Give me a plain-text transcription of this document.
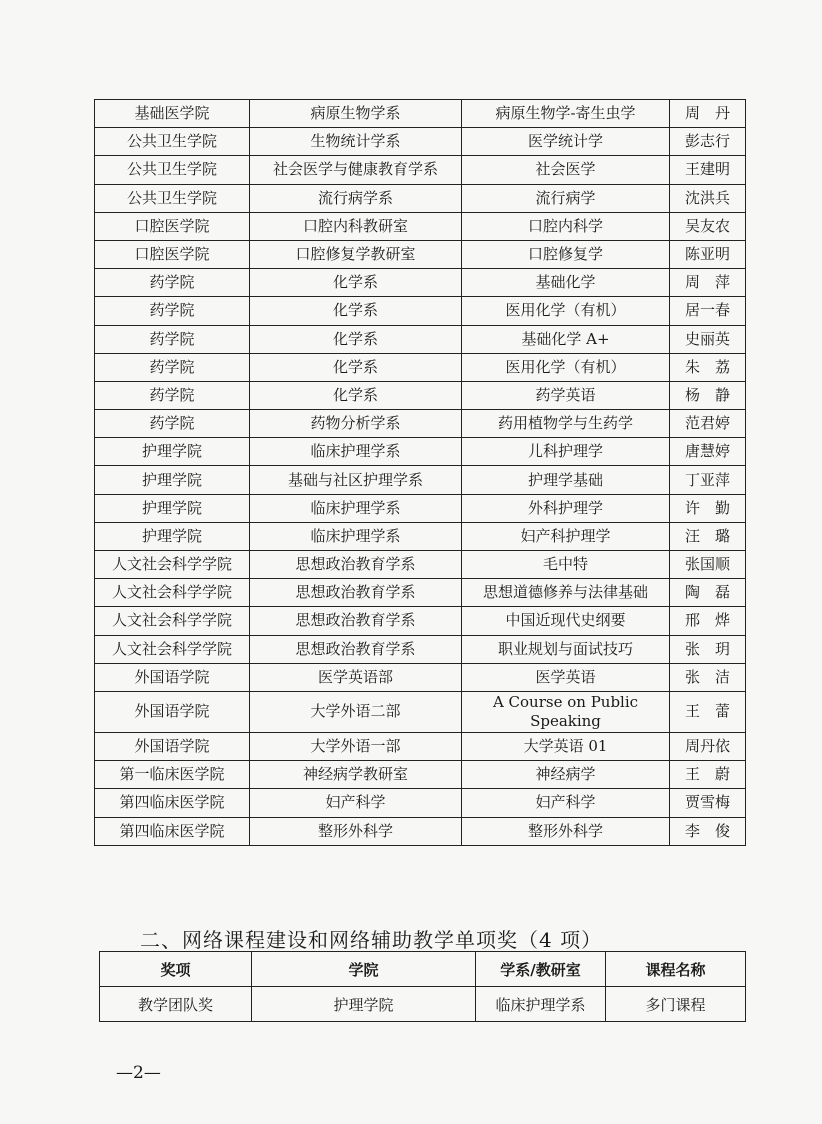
基础医学院	病原生物学系	病原生物学-寄生虫学	周　丹
公共卫生学院	生物统计学系	医学统计学	彭志行
公共卫生学院	社会医学与健康教育学系	社会医学	王建明
公共卫生学院	流行病学系	流行病学	沈洪兵
口腔医学院	口腔内科教研室	口腔内科学	吴友农
口腔医学院	口腔修复学教研室	口腔修复学	陈亚明
药学院	化学系	基础化学	周　萍
药学院	化学系	医用化学（有机）	居一春
药学院	化学系	基础化学 A+	史丽英
药学院	化学系	医用化学（有机）	朱　荔
药学院	化学系	药学英语	杨　静
药学院	药物分析学系	药用植物学与生药学	范君婷
护理学院	临床护理学系	儿科护理学	唐慧婷
护理学院	基础与社区护理学系	护理学基础	丁亚萍
护理学院	临床护理学系	外科护理学	许　勤
护理学院	临床护理学系	妇产科护理学	汪　璐
人文社会科学学院	思想政治教育学系	毛中特	张国顺
人文社会科学学院	思想政治教育学系	思想道德修养与法律基础	陶　磊
人文社会科学学院	思想政治教育学系	中国近现代史纲要	邢　烨
人文社会科学学院	思想政治教育学系	职业规划与面试技巧	张　玥
外国语学院	医学英语部	医学英语	张　洁
外国语学院	大学外语二部	A Course on Public Speaking	王　蕾
外国语学院	大学外语一部	大学英语 01	周丹依
第一临床医学院	神经病学教研室	神经病学	王　蔚
第四临床医学院	妇产科学	妇产科学	贾雪梅
第四临床医学院	整形外科学	整形外科学	李　俊
二、网络课程建设和网络辅助教学单项奖（4 项）
奖项	学院	学系/教研室	课程名称
教学团队奖	护理学院	临床护理学系	多门课程
—2—
